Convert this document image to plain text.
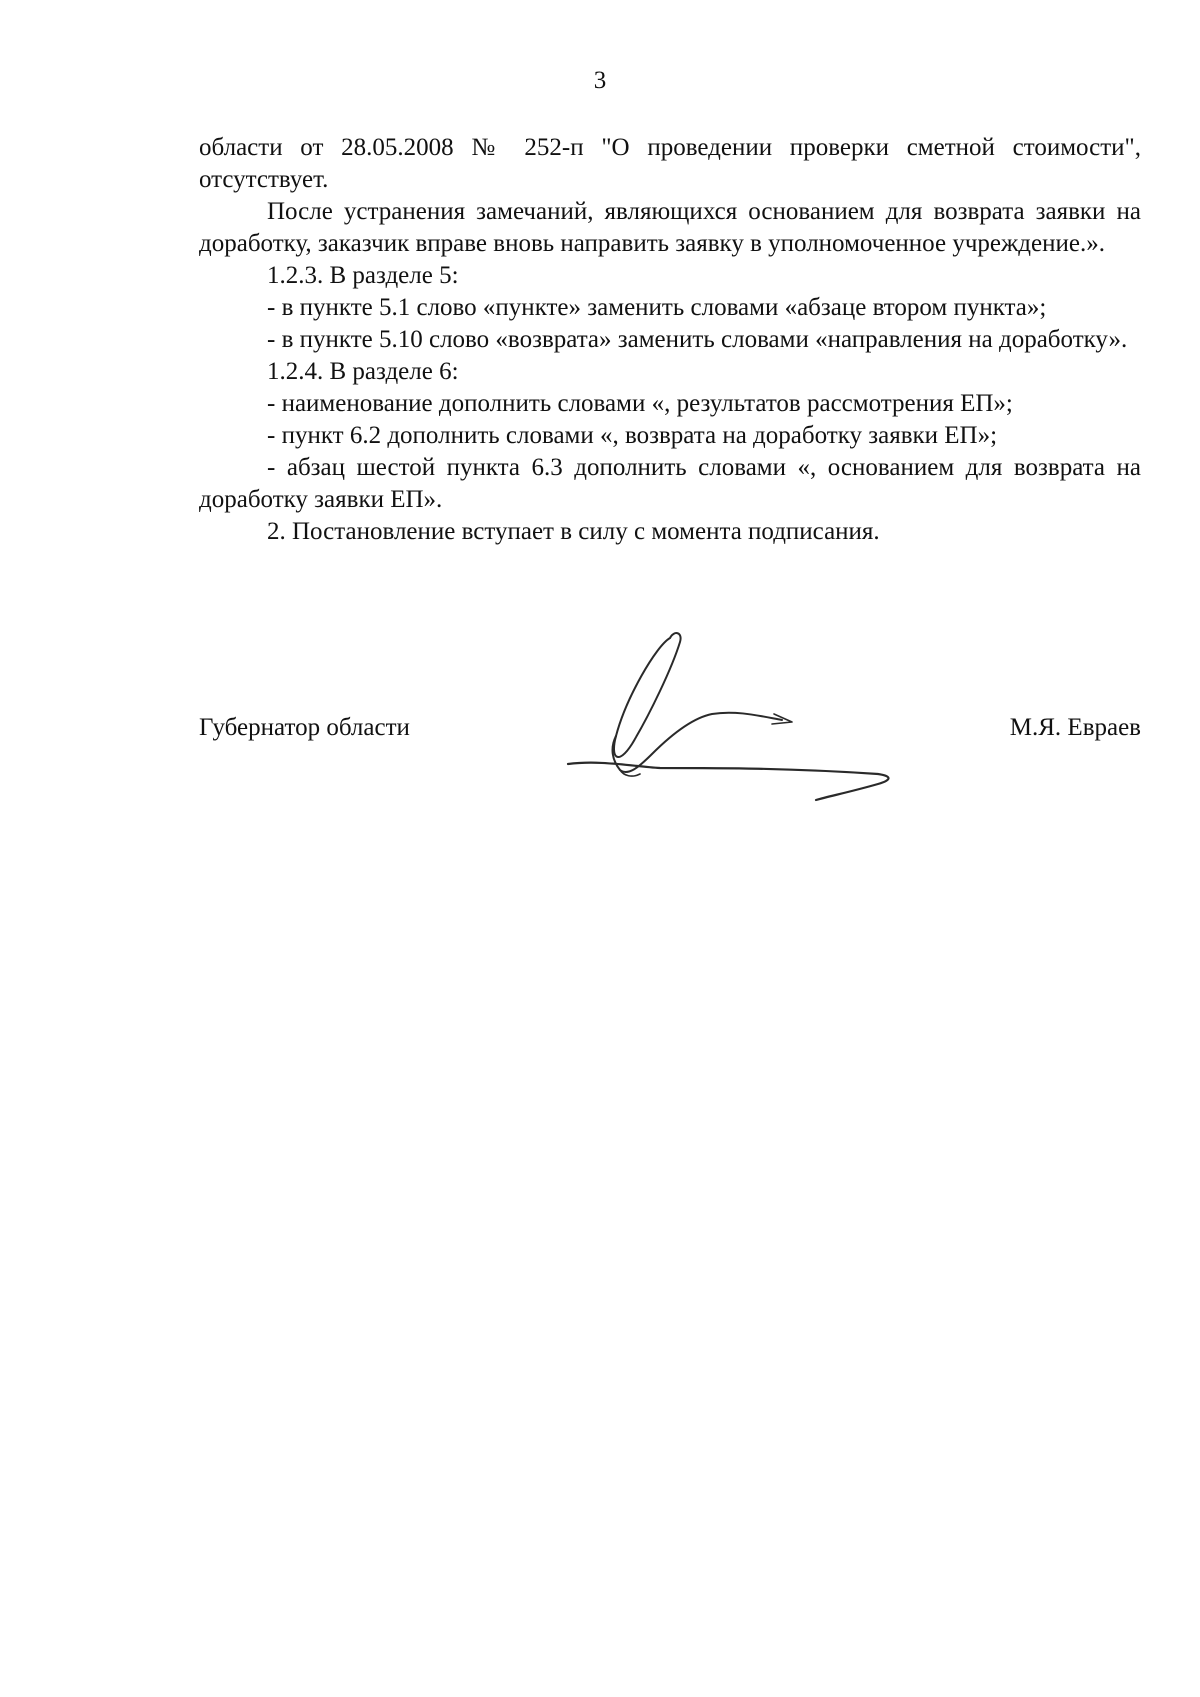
3

области от 28.05.2008 № 252-п "О проведении проверки сметной стоимости", отсутствует.

После устранения замечаний, являющихся основанием для возврата заявки на доработку, заказчик вправе вновь направить заявку в уполномоченное учреждение.».

1.2.3. В разделе 5:

- в пункте 5.1 слово «пункте» заменить словами «абзаце втором пункта»;

- в пункте 5.10 слово «возврата» заменить словами «направления на доработку».

1.2.4. В разделе 6:

- наименование дополнить словами «, результатов рассмотрения ЕП»;

- пункт 6.2 дополнить словами «, возврата на доработку заявки ЕП»;

- абзац шестой пункта 6.3 дополнить словами «, основанием для возврата на доработку заявки ЕП».

2. Постановление вступает в силу с момента подписания.

Губернатор области	М.Я. Евраев
